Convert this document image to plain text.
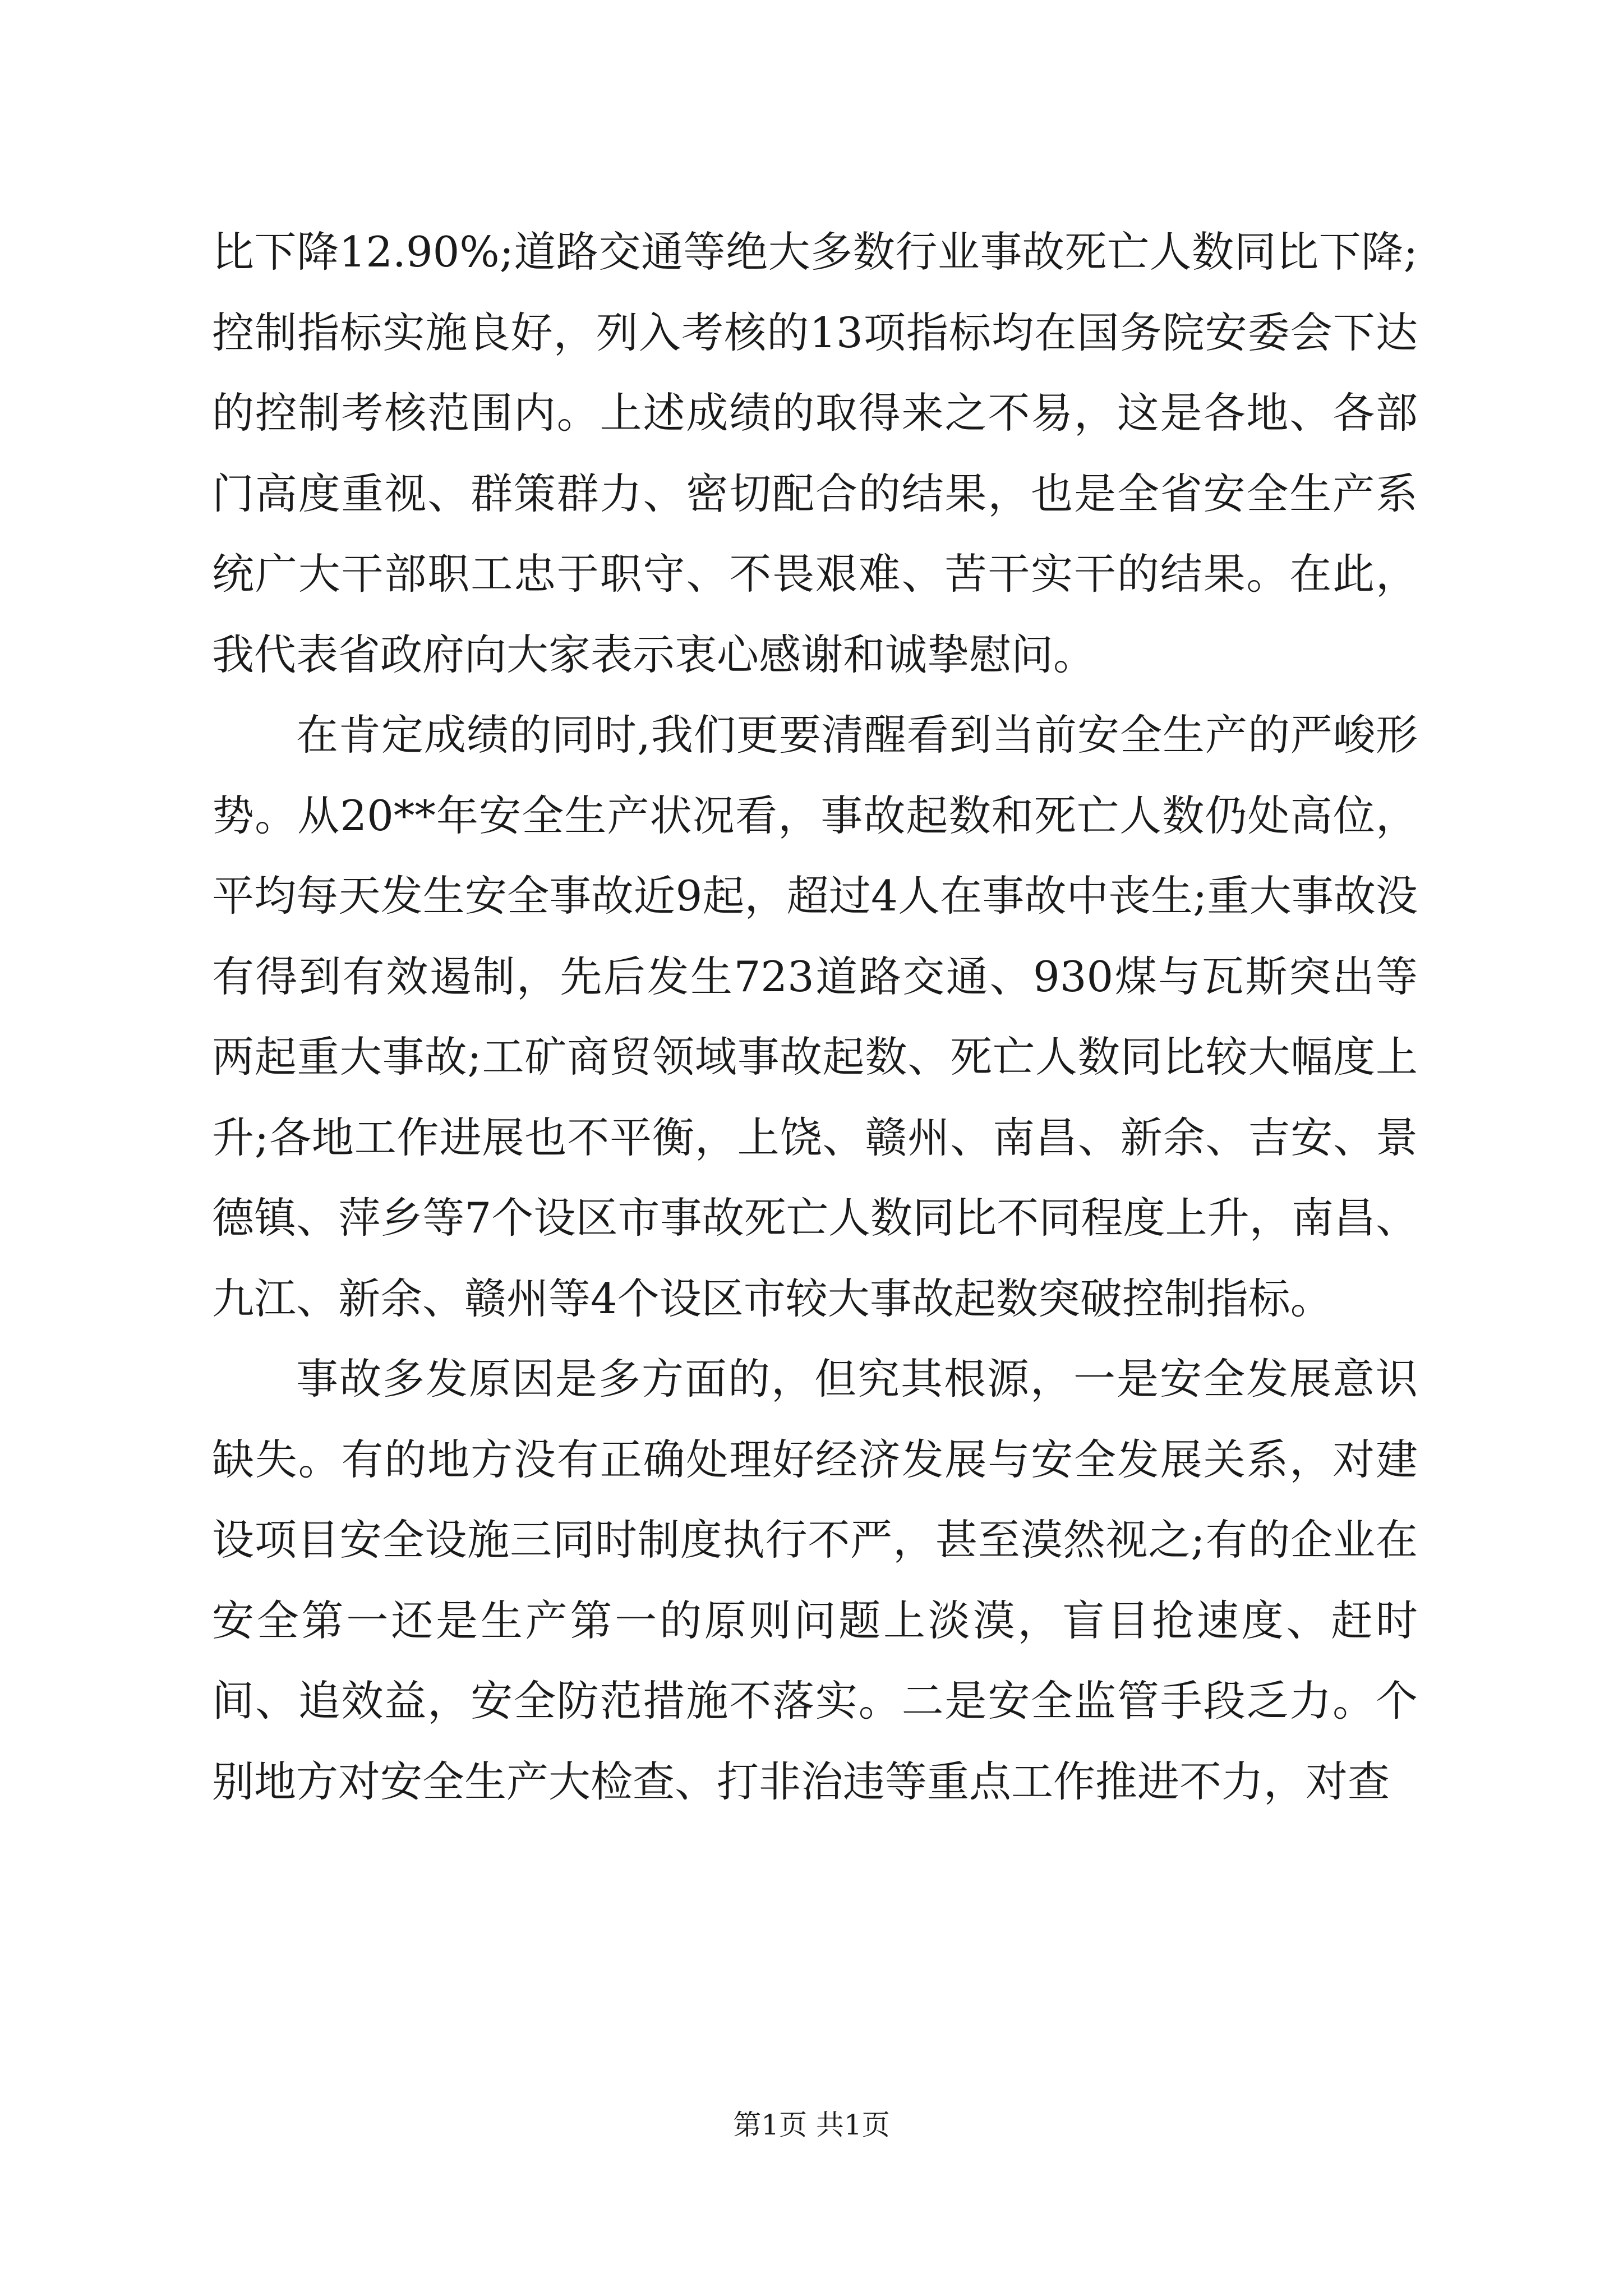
比下降12.90%;道路交通等绝大多数行业事故死亡人数同比下降;控制指标实施良好，列入考核的13项指标均在国务院安委会下达的控制考核范围内。上述成绩的取得来之不易，这是各地、各部门高度重视、群策群力、密切配合的结果，也是全省安全生产系统广大干部职工忠于职守、不畏艰难、苦干实干的结果。在此，我代表省政府向大家表示衷心感谢和诚挚慰问。

在肯定成绩的同时,我们更要清醒看到当前安全生产的严峻形势。从20**年安全生产状况看，事故起数和死亡人数仍处高位，平均每天发生安全事故近9起，超过4人在事故中丧生;重大事故没有得到有效遏制，先后发生723道路交通、930煤与瓦斯突出等两起重大事故;工矿商贸领域事故起数、死亡人数同比较大幅度上升;各地工作进展也不平衡，上饶、赣州、南昌、新余、吉安、景德镇、萍乡等7个设区市事故死亡人数同比不同程度上升，南昌、九江、新余、赣州等4个设区市较大事故起数突破控制指标。

事故多发原因是多方面的，但究其根源，一是安全发展意识缺失。有的地方没有正确处理好经济发展与安全发展关系，对建设项目安全设施三同时制度执行不严，甚至漠然视之;有的企业在安全第一还是生产第一的原则问题上淡漠，盲目抢速度、赶时间、追效益，安全防范措施不落实。二是安全监管手段乏力。个别地方对安全生产大检查、打非治违等重点工作推进不力，对查

第1页 共1页
